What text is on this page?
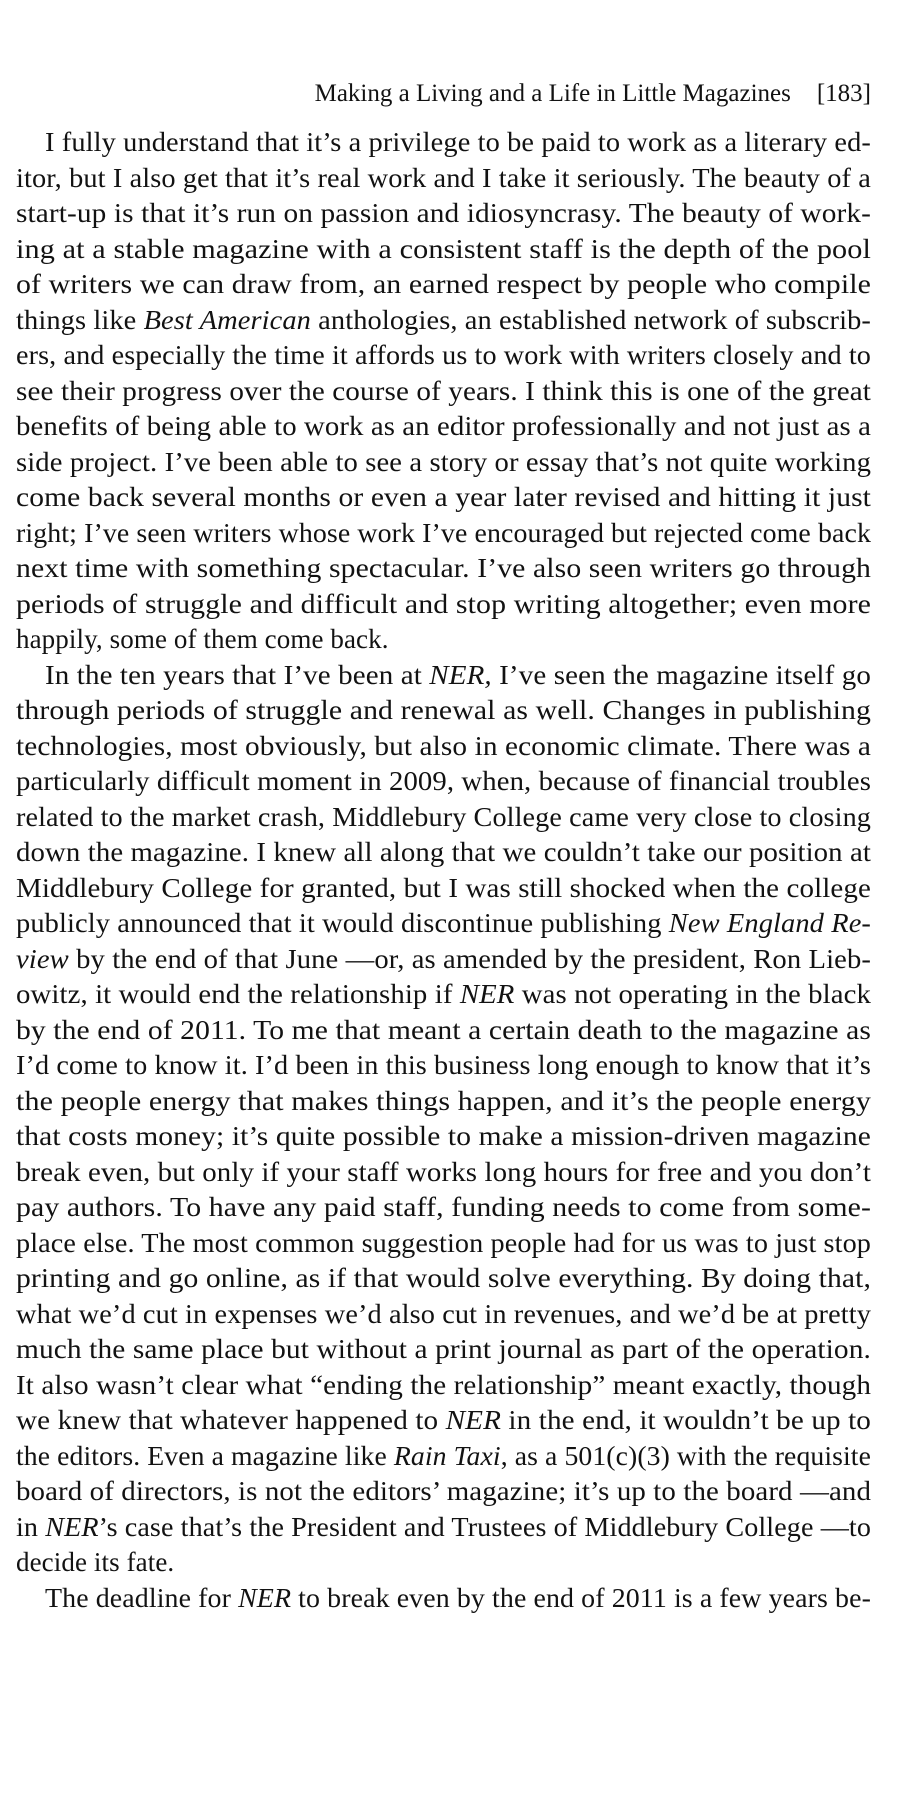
Making a Living and a Life in Little Magazines [183]
I fully understand that it’s a privilege to be paid to work as a literary ed-
itor, but I also get that it’s real work and I take it seriously. The beauty of a
start-up is that it’s run on passion and idiosyncrasy. The beauty of work-
ing at a stable magazine with a consistent staff is the depth of the pool
of writers we can draw from, an earned respect by people who compile
things like Best American anthologies, an established network of subscrib-
ers, and especially the time it affords us to work with writers closely and to
see their progress over the course of years. I think this is one of the great
benefits of being able to work as an editor professionally and not just as a
side project. I’ve been able to see a story or essay that’s not quite working
come back several months or even a year later revised and hitting it just
right; I’ve seen writers whose work I’ve encouraged but rejected come back
next time with something spectacular. I’ve also seen writers go through
periods of struggle and difficult and stop writing altogether; even more
happily, some of them come back.
In the ten years that I’ve been at NER, I’ve seen the magazine itself go
through periods of struggle and renewal as well. Changes in publishing
technologies, most obviously, but also in economic climate. There was a
particularly difficult moment in 2009, when, because of financial troubles
related to the market crash, Middlebury College came very close to closing
down the magazine. I knew all along that we couldn’t take our position at
Middlebury College for granted, but I was still shocked when the college
publicly announced that it would discontinue publishing New England Re-
view by the end of that June —or, as amended by the president, Ron Lieb-
owitz, it would end the relationship if NER was not operating in the black
by the end of 2011. To me that meant a certain death to the magazine as
I’d come to know it. I’d been in this business long enough to know that it’s
the people energy that makes things happen, and it’s the people energy
that costs money; it’s quite possible to make a mission-driven magazine
break even, but only if your staff works long hours for free and you don’t
pay authors. To have any paid staff, funding needs to come from some-
place else. The most common suggestion people had for us was to just stop
printing and go online, as if that would solve everything. By doing that,
what we’d cut in expenses we’d also cut in revenues, and we’d be at pretty
much the same place but without a print journal as part of the operation.
It also wasn’t clear what “ending the relationship” meant exactly, though
we knew that whatever happened to NER in the end, it wouldn’t be up to
the editors. Even a magazine like Rain Taxi, as a 501(c)(3) with the requisite
board of directors, is not the editors’ magazine; it’s up to the board —and
in NER’s case that’s the President and Trustees of Middlebury College —to
decide its fate.
The deadline for NER to break even by the end of 2011 is a few years be-
